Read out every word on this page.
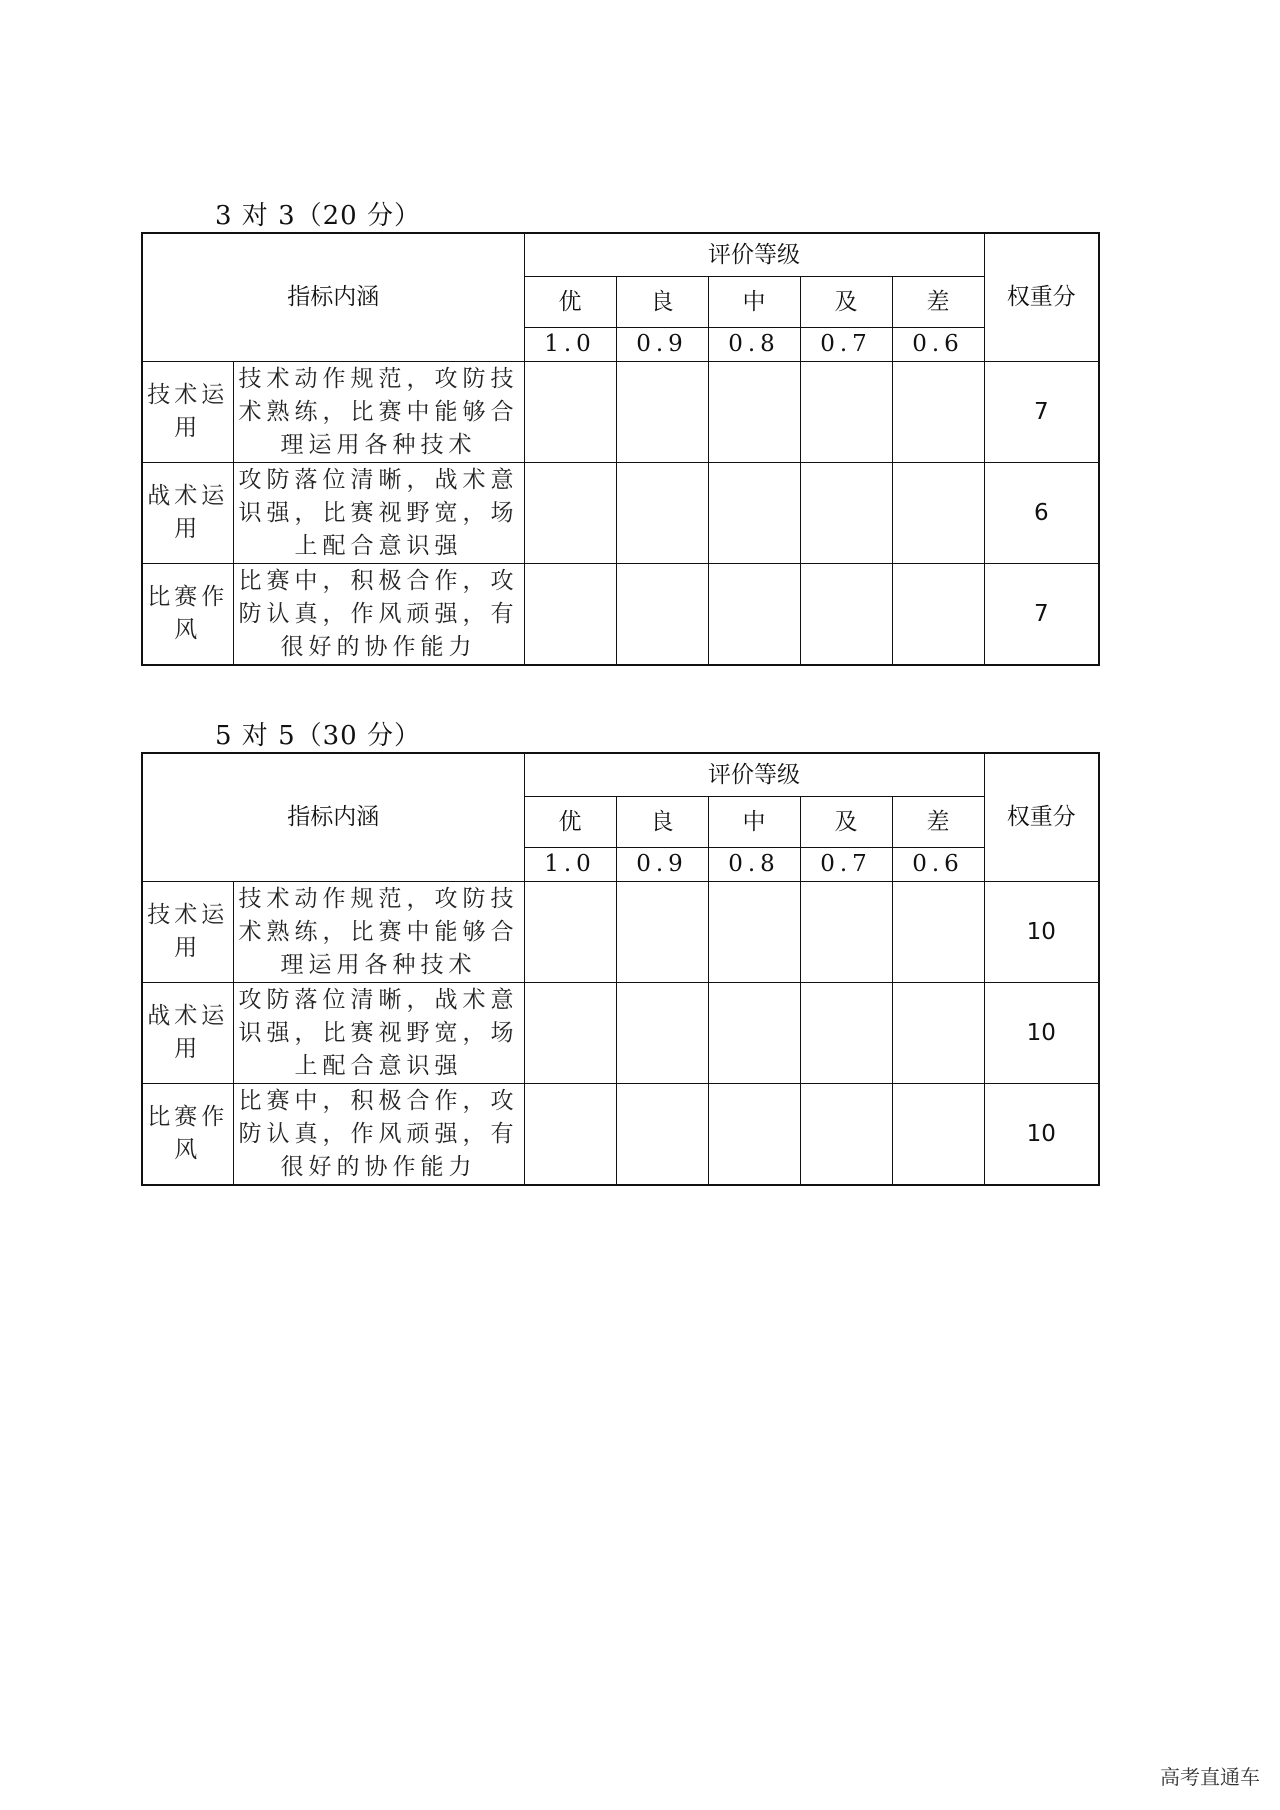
3 对 3（20 分）
指标内涵		评价等级					权重分
		优	良	中	及	差	
		1.0	0.9	0.8	0.7	0.6	
技术运用	技术动作规范，攻防技术熟练，比赛中能够合理运用各种技术						7
战术运用	攻防落位清晰，战术意识强，比赛视野宽，场上配合意识强						6
比赛作风	比赛中，积极合作，攻防认真，作风顽强，有很好的协作能力						7
5 对 5（30 分）
指标内涵		评价等级					权重分
		优	良	中	及	差	
		1.0	0.9	0.8	0.7	0.6	
技术运用	技术动作规范，攻防技术熟练，比赛中能够合理运用各种技术						10
战术运用	攻防落位清晰，战术意识强，比赛视野宽，场上配合意识强						10
比赛作风	比赛中，积极合作，攻防认真，作风顽强，有很好的协作能力						10
高考直通车
